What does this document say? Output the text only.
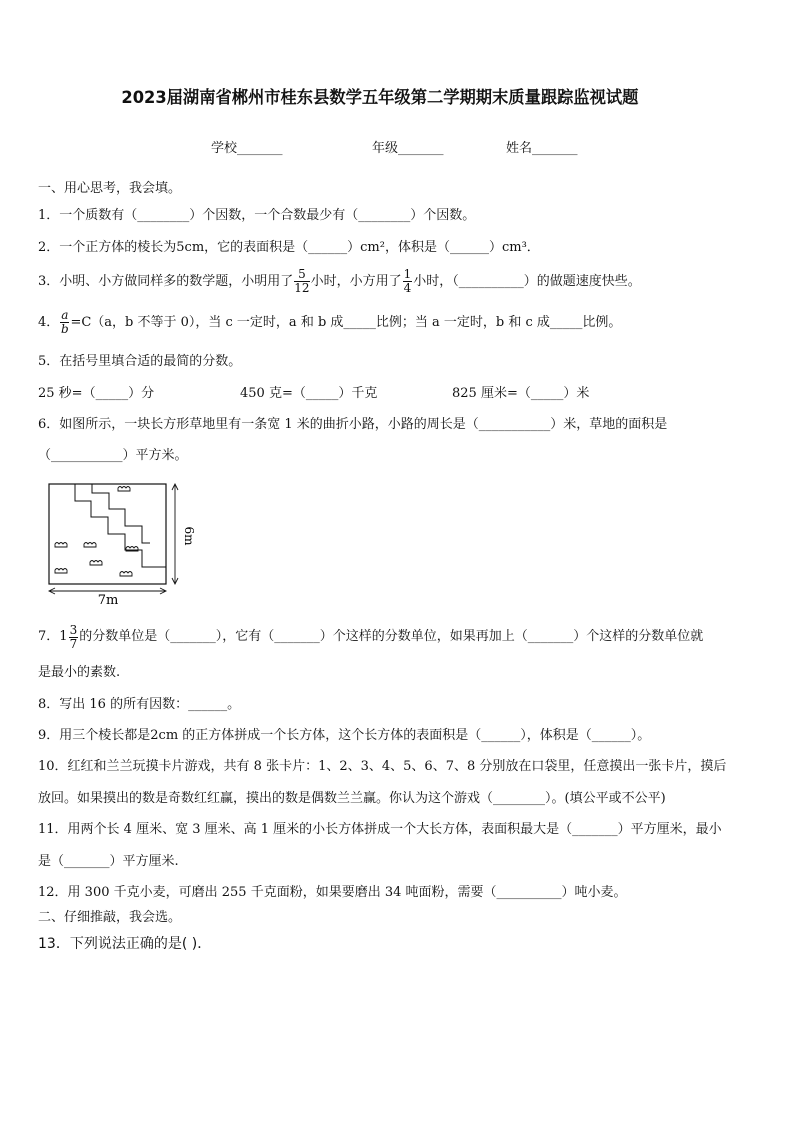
2023届湖南省郴州市桂东县数学五年级第二学期期末质量跟踪监视试题
学校_______	年级_______	姓名_______
一、用心思考，我会填。
1．一个质数有（________）个因数，一个合数最少有（________）个因数。
2．一个正方体的棱长为5cm，它的表面积是（______）cm²，体积是（______）cm³．
3．小明、小方做同样多的数学题，小明用了 $\frac{5}{12}$ 小时，小方用了 $\frac{1}{4}$ 小时，（__________）的做题速度快些。
4． $\frac{a}{b} =C(a$，b 不等于 0），当 c 一定时，a 和 b 成_____比例；当 a 一定时，b 和 c 成_____比例。
5．在括号里填合适的最简的分数。
25 秒=（_____）分	450 克=（_____）千克	825 厘米=（_____）米
6．如图所示，一块长方形草地里有一条宽 1 米的曲折小路，小路的周长是（___________）米，草地的面积是
（___________）平方米。
6m
7m
7． $1 \frac{3}{7}$ 的分数单位是（_______），它有（_______）个这样的分数单位，如果再加上（_______）个这样的分数单位就
是最小的素数.
8．写出 16 的所有因数：______。
9．用三个棱长都是2cm 的正方体拼成一个长方体，这个长方体的表面积是（______），体积是（______）。
10．红红和兰兰玩摸卡片游戏，共有 8 张卡片：1、2、3、4、5、6、7、8 分别放在口袋里，任意摸出一张卡片，摸后
放回。如果摸出的数是奇数红红赢，摸出的数是偶数兰兰赢。你认为这个游戏（________）。(填公平或不公平)
11．用两个长 4 厘米、宽 3 厘米、高 1 厘米的小长方体拼成一个大长方体，表面积最大是（_______）平方厘米，最小
是（_______）平方厘米.
12．用 300 千克小麦，可磨出 255 千克面粉，如果要磨出 34 吨面粉，需要（__________）吨小麦。
二、仔细推敲，我会选。
13．下列说法正确的是( )．
